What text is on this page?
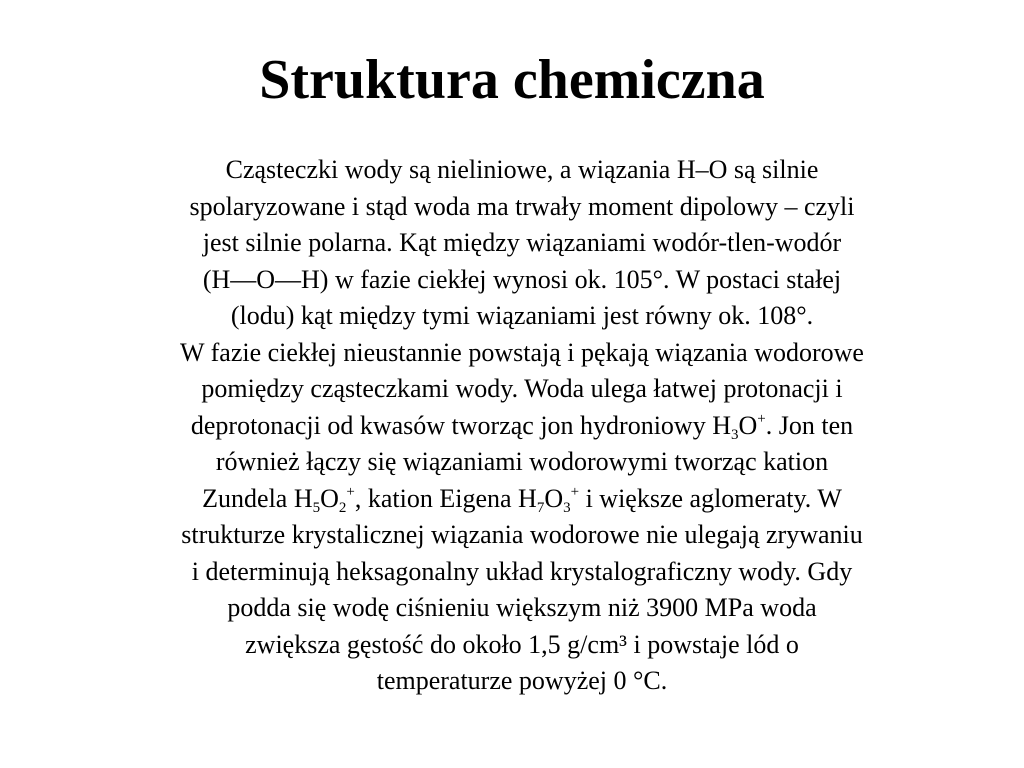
Struktura chemiczna

Cząsteczki wody są nieliniowe, a wiązania H–O są silnie
spolaryzowane i stąd woda ma trwały moment dipolowy – czyli
jest silnie polarna. Kąt między wiązaniami wodór-tlen-wodór
(H―O―H) w fazie ciekłej wynosi ok. 105°. W postaci stałej
(lodu) kąt między tymi wiązaniami jest równy ok. 108°.

W fazie ciekłej nieustannie powstają i pękają wiązania wodorowe
pomiędzy cząsteczkami wody. Woda ulega łatwej protonacji i
deprotonacji od kwasów tworząc jon hydroniowy $H_3O^+$. Jon ten
również łączy się wiązaniami wodorowymi tworząc kation
Zundela $H_5O_2^+$, kation Eigena $H_7O_3^+$ i większe aglomeraty. W
strukturze krystalicznej wiązania wodorowe nie ulegają zrywaniu
i determinują heksagonalny układ krystalograficzny wody. Gdy
podda się wodę ciśnieniu większym niż 3900 MPa woda
zwiększa gęstość do około 1,5 g/cm³ i powstaje lód o
temperaturze powyżej 0 °C.
